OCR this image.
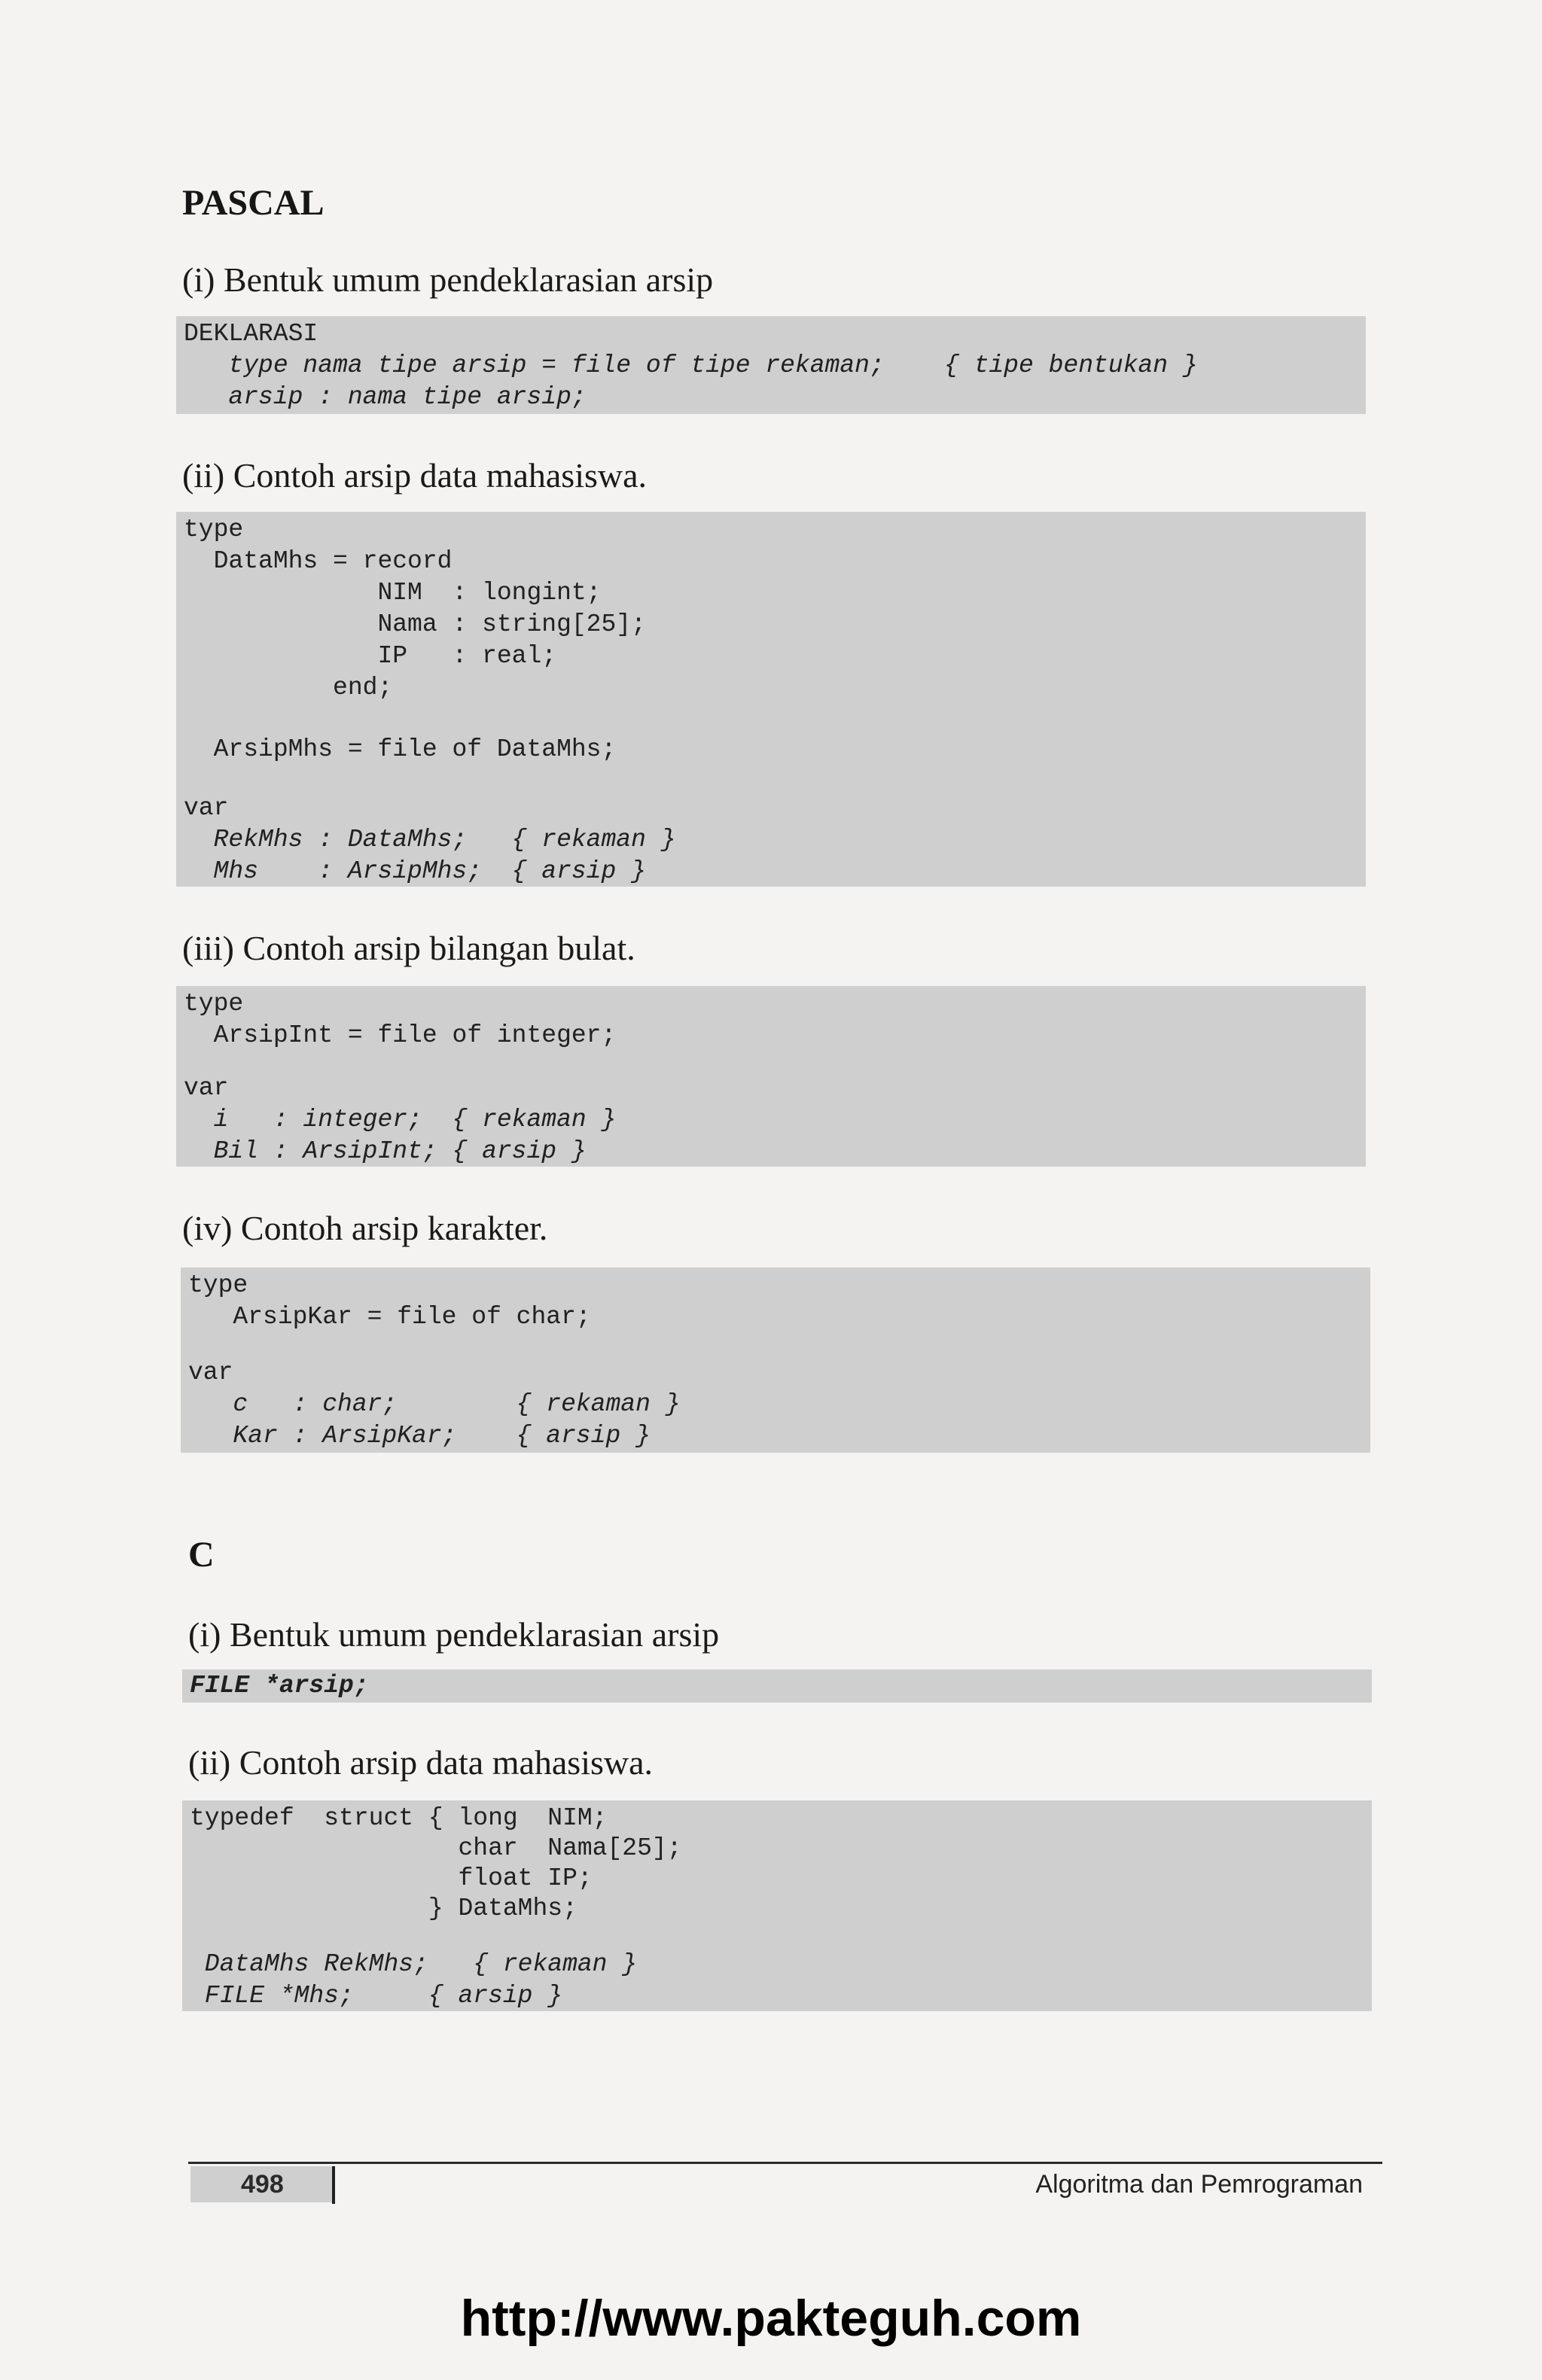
PASCAL
(i) Bentuk umum pendeklarasian arsip
DEKLARASI
type nama tipe arsip = file of tipe rekaman;    { tipe bentukan }
arsip : nama tipe arsip;
(ii) Contoh arsip data mahasiswa.
type
DataMhs = record
NIM  : longint;
Nama : string[25];
IP   : real;
end;
ArsipMhs = file of DataMhs;
var
RekMhs : DataMhs;   { rekaman }
Mhs    : ArsipMhs;  { arsip }
(iii) Contoh arsip bilangan bulat.
type
ArsipInt = file of integer;
var
i   : integer;  { rekaman }
Bil : ArsipInt; { arsip }
(iv) Contoh arsip karakter.
type
ArsipKar = file of char;
var
c   : char;        { rekaman }
Kar : ArsipKar;    { arsip }
C
(i) Bentuk umum pendeklarasian arsip
FILE *arsip;
(ii) Contoh arsip data mahasiswa.
typedef  struct { long  NIM;
char  Nama[25];
float IP;
} DataMhs;
DataMhs RekMhs;   { rekaman }
FILE *Mhs;     { arsip }
498	Algoritma dan Pemrograman
http://www.pakteguh.com
